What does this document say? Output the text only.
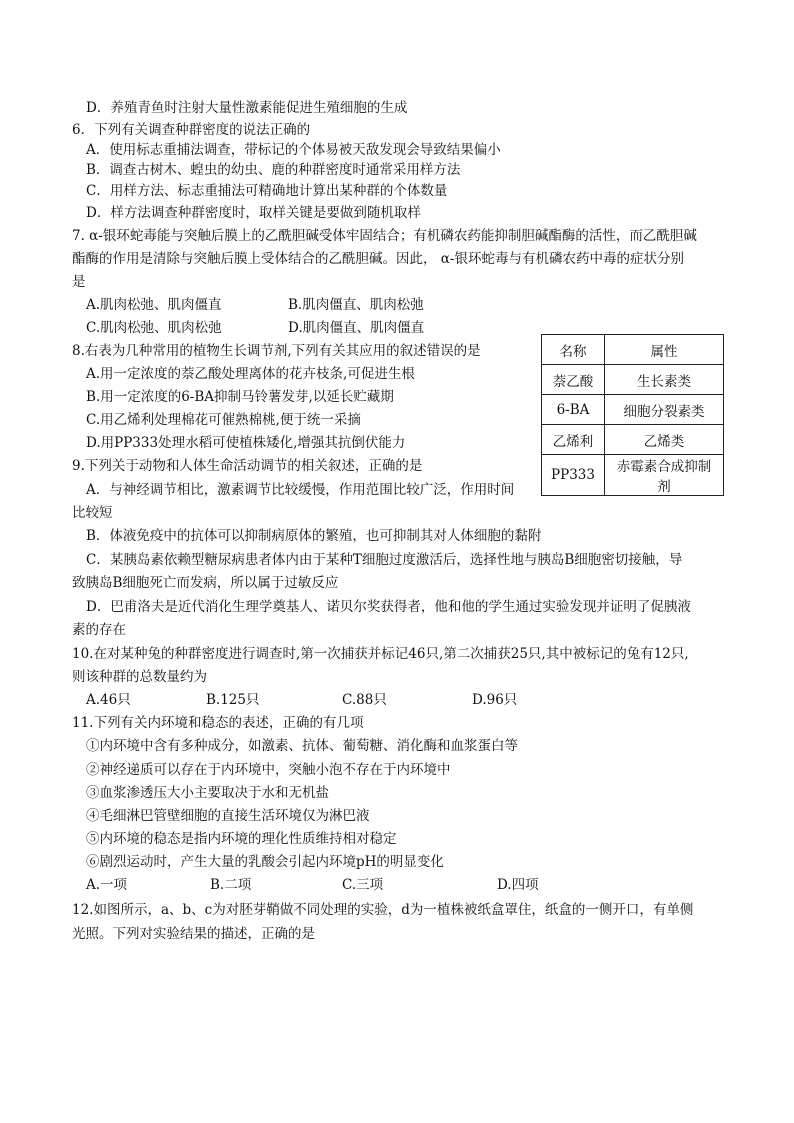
D．养殖青鱼时注射大量性激素能促进生殖细胞的生成
6．下列有关调查种群密度的说法正确的
A．使用标志重捕法调查，带标记的个体易被天敌发现会导致结果偏小
B．调查古树木、蝗虫的幼虫、鹿的种群密度时通常采用样方法
C．用样方法、标志重捕法可精确地计算出某种群的个体数量
D．样方法调查种群密度时，取样关键是要做到随机取样
7. α-银环蛇毒能与突触后膜上的乙酰胆碱受体牢固结合；有机磷农药能抑制胆碱酯酶的活性，而乙酰胆碱
酯酶的作用是清除与突触后膜上受体结合的乙酰胆碱。因此， α-银环蛇毒与有机磷农药中毒的症状分别
是
A.肌肉松弛、肌肉僵直	B.肌肉僵直、肌肉松弛
C.肌肉松弛、肌肉松弛	D.肌肉僵直、肌肉僵直
8.右表为几种常用的植物生长调节剂,下列有关其应用的叙述错误的是
A.用一定浓度的萘乙酸处理离体的花卉枝条,可促进生根
B.用一定浓度的6-BA抑制马铃薯发芽,以延长贮藏期
C.用乙烯利处理棉花可催熟棉桃,便于统一采摘
D.用PP333处理水稻可使植株矮化,增强其抗倒伏能力
名称	属性
萘乙酸	生长素类
6-BA	细胞分裂素类
乙烯利	乙烯类
PP333	赤霉素合成抑制剂
9.下列关于动物和人体生命活动调节的相关叙述，正确的是
A．与神经调节相比，激素调节比较缓慢，作用范围比较广泛，作用时间
比较短
B．体液免疫中的抗体可以抑制病原体的繁殖，也可抑制其对人体细胞的黏附
C．某胰岛素依赖型糖尿病患者体内由于某种T细胞过度激活后，选择性地与胰岛B细胞密切接触，导
致胰岛B细胞死亡而发病，所以属于过敏反应
D．巴甫洛夫是近代消化生理学奠基人、诺贝尔奖获得者，他和他的学生通过实验发现并证明了促胰液
素的存在
10.在对某种兔的种群密度进行调查时,第一次捕获并标记46只,第二次捕获25只,其中被标记的兔有12只,
则该种群的总数量约为
A.46只	B.125只	C.88只	D.96只
11.下列有关内环境和稳态的表述，正确的有几项
①内环境中含有多种成分，如激素、抗体、葡萄糖、消化酶和血浆蛋白等
②神经递质可以存在于内环境中，突触小泡不存在于内环境中
③血浆渗透压大小主要取决于水和无机盐
④毛细淋巴管壁细胞的直接生活环境仅为淋巴液
⑤内环境的稳态是指内环境的理化性质维持相对稳定
⑥剧烈运动时，产生大量的乳酸会引起内环境pH的明显变化
A.一项	B.二项	C.三项	D.四项
12.如图所示，a、b、c为对胚芽鞘做不同处理的实验，d为一植株被纸盒罩住，纸盒的一侧开口，有单侧
光照。下列对实验结果的描述，正确的是
